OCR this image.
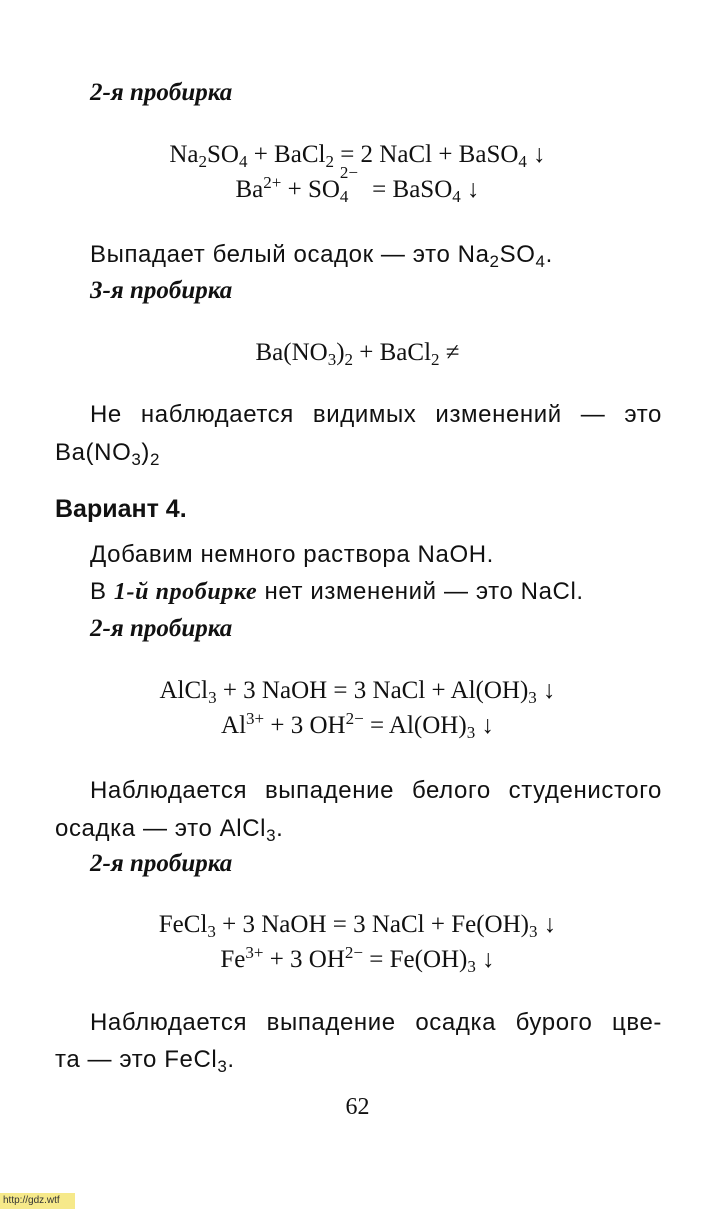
2-я пробирка
$Na_2SO_4$ + BaCl$_2$ = 2 NaCl + BaSO$_4$ ↓
$Ba^{2+}$ + SO
2−
4 = BaSO$_4$ ↓
Выпадает белый осадок — это $Na_2SO_4$.
3-я пробирка
$Ba(NO_3)_2$ + BaCl$_2$ ≠
Не наблюдается видимых изменений — это
$Ba(NO_3)_2$
Вариант 4.
Добавим немного раствора NaOH.
В 1-й пробирке нет изменений — это NaCl.
2-я пробирка
AlCl$_3$ + 3 NaOH = 3 NaCl + $Al(OH)_3$ ↓
$Al^{3+} + 3$ $OH^{2-} = Al(OH)_3$ ↓
Наблюдается выпадение белого студенистого
осадка — это AlCl$_3$.
2-я пробирка
FeCl$_3$ + 3 NaOH = 3 NaCl + $Fe(OH)_3$ ↓
$Fe^{3+} + 3$ $OH^{2-} = Fe(OH)_3$ ↓
Наблюдается выпадение осадка бурого цве-
та — это FeCl$_3$.
62
http://gdz.wtf
